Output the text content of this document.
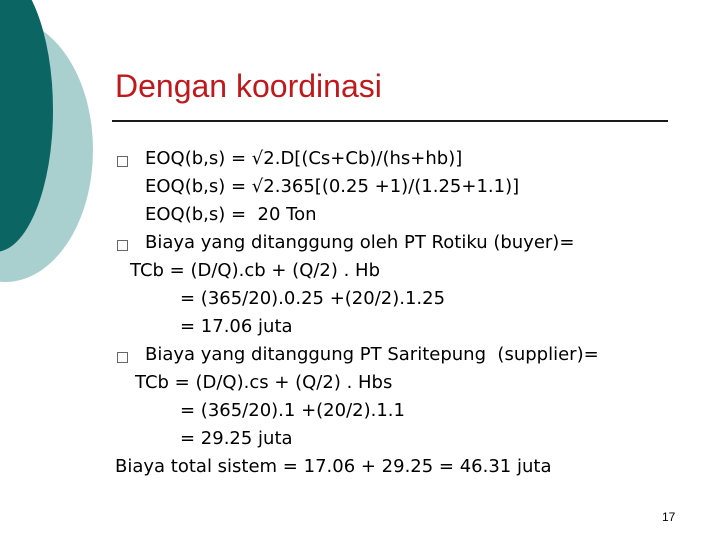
Dengan koordinasi
EOQ(b,s) = √2.D[(Cs+Cb)/(hs+hb)]
EOQ(b,s) = √2.365[(0.25 +1)/(1.25+1.1)]
EOQ(b,s) =  20 Ton
Biaya yang ditanggung oleh PT Rotiku (buyer)=
TCb = (D/Q).cb + (Q/2) . Hb
= (365/20).0.25 +(20/2).1.25
= 17.06 juta
Biaya yang ditanggung PT Saritepung  (supplier)=
TCb = (D/Q).cs + (Q/2) . Hbs
= (365/20).1 +(20/2).1.1
= 29.25 juta
Biaya total sistem = 17.06 + 29.25 = 46.31 juta
17
